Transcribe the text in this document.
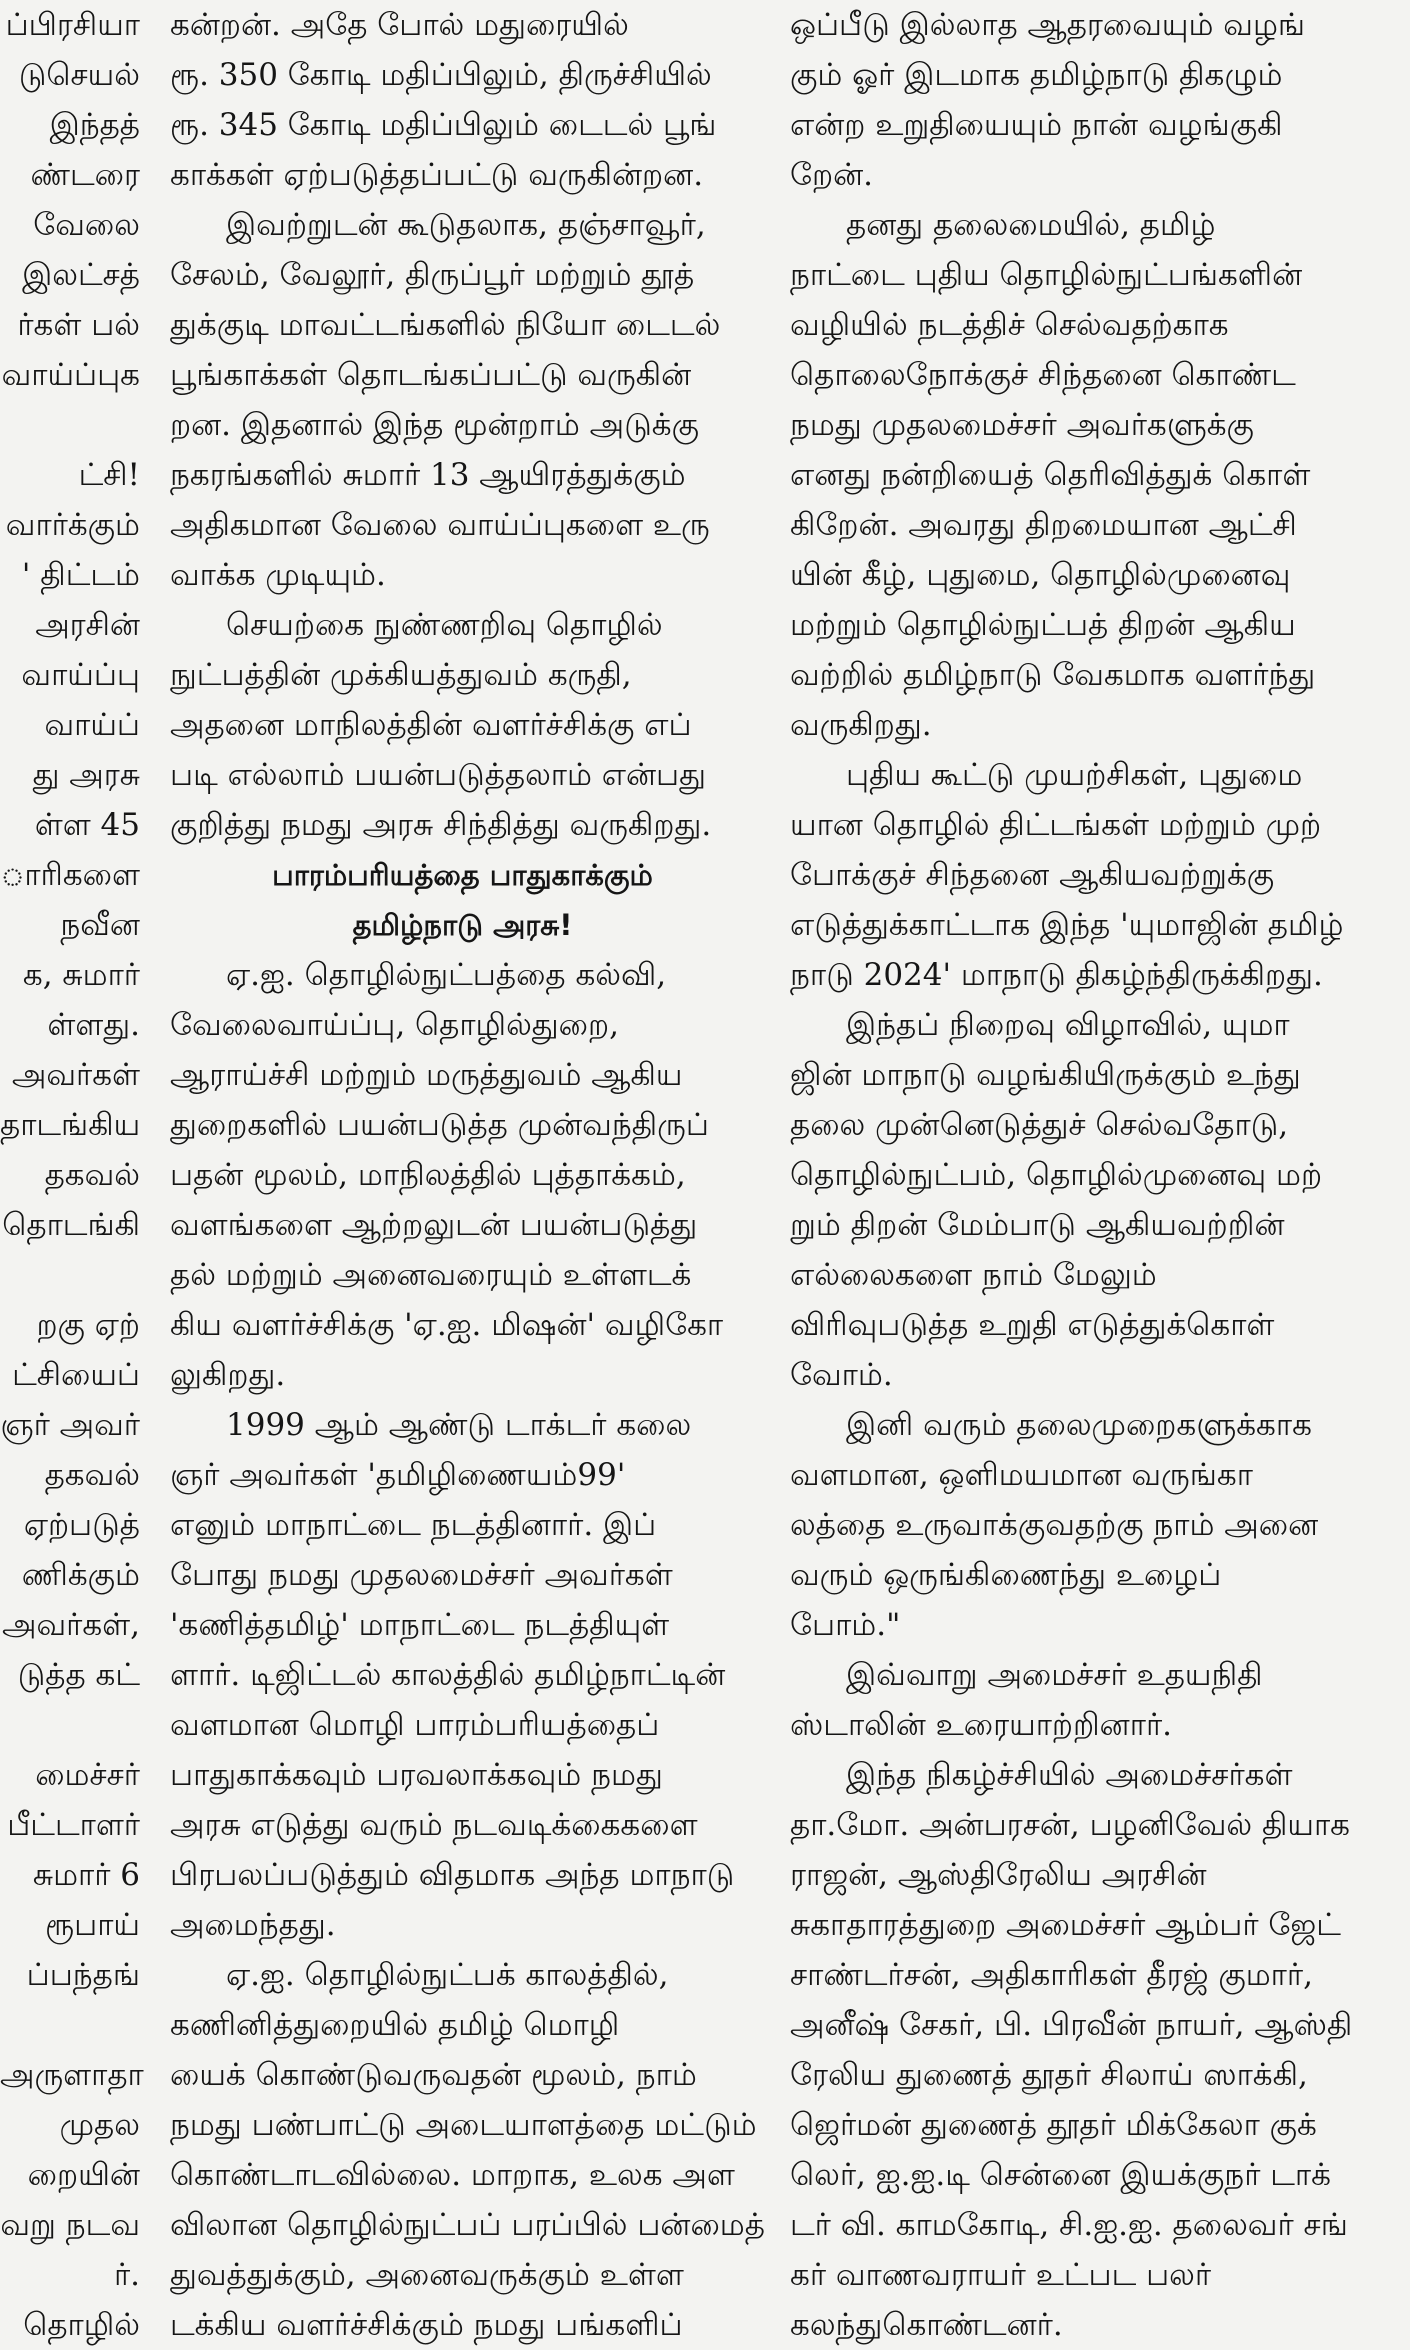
ப்பிரசியா

டுசெயல்

இந்தத்

ண்டரை

வேலை

இலட்சத்

ர்கள் பல்

வாய்ப்புக

ட்சி!

வார்க்கும்

' திட்டம்

அரசின்

வாய்ப்பு

வாய்ப்

து அரசு

ள்ள 45

ாரிகளை

நவீன

க, சுமார்

ள்ளது.

அவர்கள்

தாடங்கிய

தகவல்

தொடங்கி

றகு ஏற்

ட்சியைப்

ஞர் அவர்

தகவல்

ஏற்படுத்

ணிக்கும்

அவர்கள்,

டுத்த கட்

மைச்சர்

பீட்டாளர்

சுமார் 6

ரூபாய்

ப்பந்தங்

அருளாதா

முதல

றையின்

வறு நடவ

ர்.

தொழில்

கன்றன். அதே போல் மதுரையில்

ரூ. 350 கோடி மதிப்பிலும், திருச்சியில்

ரூ. 345 கோடி மதிப்பிலும் டைடல் பூங்

காக்கள் ஏற்படுத்தப்பட்டு வருகின்றன.

இவற்றுடன் கூடுதலாக, தஞ்சாவூர்,

சேலம், வேலூர், திருப்பூர் மற்றும் தூத்

துக்குடி மாவட்டங்களில் நியோ டைடல்

பூங்காக்கள் தொடங்கப்பட்டு வருகின்

றன. இதனால் இந்த மூன்றாம் அடுக்கு

நகரங்களில் சுமார் 13 ஆயிரத்துக்கும்

அதிகமான வேலை வாய்ப்புகளை உரு

வாக்க முடியும்.

செயற்கை நுண்ணறிவு தொழில்

நுட்பத்தின் முக்கியத்துவம் கருதி,

அதனை மாநிலத்தின் வளர்ச்சிக்கு எப்

படி எல்லாம் பயன்படுத்தலாம் என்பது

குறித்து நமது அரசு சிந்தித்து வருகிறது.

பாரம்பரியத்தை பாதுகாக்கும்

தமிழ்நாடு அரசு!

ஏ.ஐ. தொழில்நுட்பத்தை கல்வி,

வேலைவாய்ப்பு, தொழில்துறை,

ஆராய்ச்சி மற்றும் மருத்துவம் ஆகிய

துறைகளில் பயன்படுத்த முன்வந்திருப்

பதன் மூலம், மாநிலத்தில் புத்தாக்கம்,

வளங்களை ஆற்றலுடன் பயன்படுத்து

தல் மற்றும் அனைவரையும் உள்ளடக்

கிய வளர்ச்சிக்கு 'ஏ.ஐ. மிஷன்' வழிகோ

லுகிறது.

1999 ஆம் ஆண்டு டாக்டர் கலை

ஞர் அவர்கள் 'தமிழிணையம்99'

எனும் மாநாட்டை நடத்தினார். இப்

போது நமது முதலமைச்சர் அவர்கள்

'கணித்தமிழ்' மாநாட்டை நடத்தியுள்

ளார். டிஜிட்டல் காலத்தில் தமிழ்நாட்டின்

வளமான மொழி பாரம்பரியத்தைப்

பாதுகாக்கவும் பரவலாக்கவும் நமது

அரசு எடுத்து வரும் நடவடிக்கைகளை

பிரபலப்படுத்தும் விதமாக அந்த மாநாடு

அமைந்தது.

ஏ.ஐ. தொழில்நுட்பக் காலத்தில்,

கணினித்துறையில் தமிழ் மொழி

யைக் கொண்டுவருவதன் மூலம், நாம்

நமது பண்பாட்டு அடையாளத்தை மட்டும்

கொண்டாடவில்லை. மாறாக, உலக அள

விலான தொழில்நுட்பப் பரப்பில் பன்மைத்

துவத்துக்கும், அனைவருக்கும் உள்ள

டக்கிய வளர்ச்சிக்கும் நமது பங்களிப்

ஒப்பீடு இல்லாத ஆதரவையும் வழங்

கும் ஓர் இடமாக தமிழ்நாடு திகழும்

என்ற உறுதியையும் நான் வழங்குகி

றேன்.

தனது தலைமையில், தமிழ்

நாட்டை புதிய தொழில்நுட்பங்களின்

வழியில் நடத்திச் செல்வதற்காக

தொலைநோக்குச் சிந்தனை கொண்ட

நமது முதலமைச்சர் அவர்களுக்கு

எனது நன்றியைத் தெரிவித்துக் கொள்

கிறேன். அவரது திறமையான ஆட்சி

யின் கீழ், புதுமை, தொழில்முனைவு

மற்றும் தொழில்நுட்பத் திறன் ஆகிய

வற்றில் தமிழ்நாடு வேகமாக வளர்ந்து

வருகிறது.

புதிய கூட்டு முயற்சிகள், புதுமை

யான தொழில் திட்டங்கள் மற்றும் முற்

போக்குச் சிந்தனை ஆகியவற்றுக்கு

எடுத்துக்காட்டாக இந்த 'யுமாஜின் தமிழ்

நாடு 2024' மாநாடு திகழ்ந்திருக்கிறது.

இந்தப் நிறைவு விழாவில், யுமா

ஜின் மாநாடு வழங்கியிருக்கும் உந்து

தலை முன்னெடுத்துச் செல்வதோடு,

தொழில்நுட்பம், தொழில்முனைவு மற்

றும் திறன் மேம்பாடு ஆகியவற்றின்

எல்லைகளை நாம் மேலும்

விரிவுபடுத்த உறுதி எடுத்துக்கொள்

வோம்.

இனி வரும் தலைமுறைகளுக்காக

வளமான, ஒளிமயமான வருங்கா

லத்தை உருவாக்குவதற்கு நாம் அனை

வரும் ஒருங்கிணைந்து உழைப்

போம்."

இவ்வாறு அமைச்சர் உதயநிதி

ஸ்டாலின் உரையாற்றினார்.

இந்த நிகழ்ச்சியில் அமைச்சர்கள்

தா.மோ. அன்பரசன், பழனிவேல் தியாக

ராஜன், ஆஸ்திரேலிய அரசின்

சுகாதாரத்துறை அமைச்சர் ஆம்பர் ஜேட்

சாண்டர்சன், அதிகாரிகள் தீரஜ் குமார்,

அனீஷ் சேகர், பி. பிரவீன் நாயர், ஆஸ்தி

ரேலிய துணைத் தூதர் சிலாய் ஸாக்கி,

ஜெர்மன் துணைத் தூதர் மிக்கேலா குக்

லெர், ஐ.ஐ.டி சென்னை இயக்குநர் டாக்

டர் வி. காமகோடி, சி.ஐ.ஐ. தலைவர் சங்

கர் வாணவராயர் உட்பட பலர்

கலந்துகொண்டனர்.
